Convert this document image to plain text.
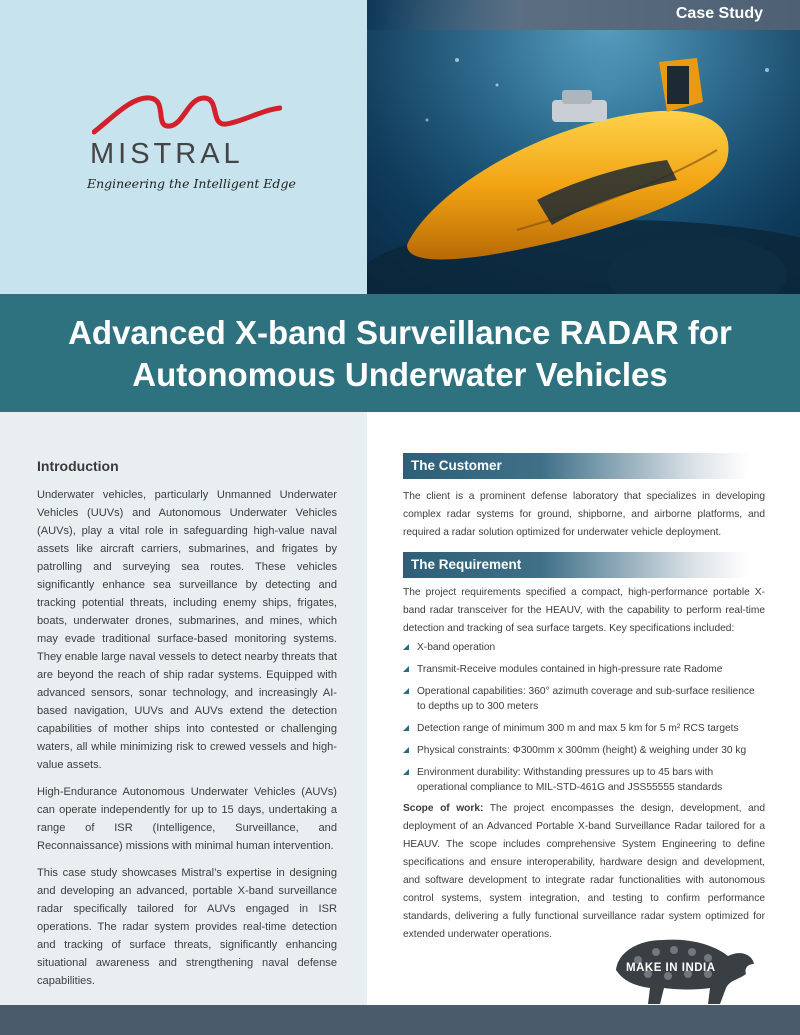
MISTRAL
Engineering the Intelligent Edge
Case Study
Advanced X-band Surveillance RADAR for
Autonomous Underwater Vehicles
Introduction

Underwater vehicles, particularly Unmanned Underwater Vehicles (UUVs) and Autonomous Underwater Vehicles (AUVs), play a vital role in safeguarding high-value naval assets like aircraft carriers, submarines, and frigates by patrolling and surveying sea routes. These vehicles significantly enhance sea surveillance by detecting and tracking potential threats, including enemy ships, frigates, boats, underwater drones, submarines, and mines, which may evade traditional surface-based monitoring systems. They enable large naval vessels to detect nearby threats that are beyond the reach of ship radar systems. Equipped with advanced sensors, sonar technology, and increasingly AI-based navigation, UUVs and AUVs extend the detection capabilities of mother ships into contested or challenging waters, all while minimizing risk to crewed vessels and high-value assets.

High-Endurance Autonomous Underwater Vehicles (AUVs) can operate independently for up to 15 days, undertaking a range of ISR (Intelligence, Surveillance, and Reconnaissance) missions with minimal human intervention.

This case study showcases Mistral’s expertise in designing and developing an advanced, portable X-band surveillance radar specifically tailored for AUVs engaged in ISR operations. The radar system provides real-time detection and tracking of surface threats, significantly enhancing situational awareness and strengthening naval defense capabilities.

The Customer

The client is a prominent defense laboratory that specializes in developing complex radar systems for ground, shipborne, and airborne platforms, and required a radar solution optimized for underwater vehicle deployment.

The Requirement

The project requirements specified a compact, high-performance portable X-band radar transceiver for the HEAUV, with the capability to perform real-time detection and tracking of sea surface targets. Key specifications included:

X-band operation
Transmit-Receive modules contained in high-pressure rate Radome
Operational capabilities: 360° azimuth coverage and sub-surface resilience to depths up to 300 meters
Detection range of minimum 300 m and max 5 km for 5 m² RCS targets
Physical constraints: Φ300mm x 300mm (height) & weighing under 30 kg
Environment durability: Withstanding pressures up to 45 bars with operational compliance to MIL-STD-461G and JSS55555 standards

Scope of work: The project encompasses the design, development, and deployment of an Advanced Portable X-band Surveillance Radar tailored for a HEAUV. The scope includes comprehensive System Engineering to define specifications and ensure interoperability, hardware design and development, and software development to integrate radar functionalities with autonomous control systems, system integration, and testing to confirm performance standards, delivering a fully functional surveillance radar system optimized for extended underwater operations.

MAKE IN INDIA
